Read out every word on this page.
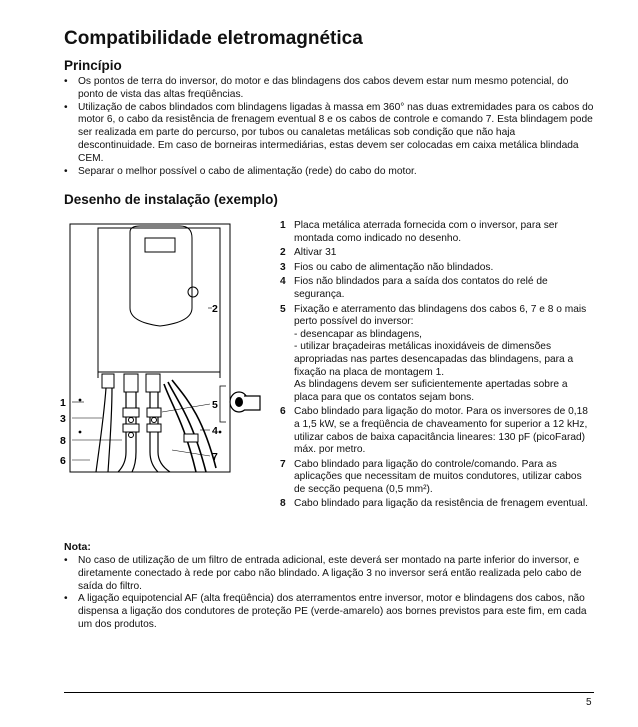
Compatibilidade eletromagnética
Princípio
• Os pontos de terra do inversor, do motor e das blindagens dos cabos devem estar num mesmo potencial, do ponto de vista das altas freqüências.
• Utilização de cabos blindados com blindagens ligadas à massa em 360° nas duas extremidades para os cabos do motor 6, o cabo da resistência de frenagem eventual 8 e os cabos de controle e comando 7. Esta blindagem pode ser realizada em parte do percurso, por tubos ou canaletas metálicas sob condição que não haja descontinuidade. Em caso de borneiras intermediárias, estas devem ser colocadas em caixa metálica blindada CEM.
• Separar o melhor possível o cabo de alimentação (rede) do cabo do motor.
Desenho de instalação (exemplo)
1
3
8
6
2
5
4
7
1 Placa metálica aterrada fornecida com o inversor, para ser montada como indicado no desenho.
2 Altivar 31
3 Fios ou cabo de alimentação não blindados.
4 Fios não blindados para a saída dos contatos do relé de segurança.
5 Fixação e aterramento das blindagens dos cabos 6, 7 e 8 o mais perto possível do inversor:
- desencapar as blindagens,
- utilizar braçadeiras metálicas inoxidáveis de dimensões apropriadas nas partes desencapadas das blindagens, para a fixação na placa de montagem 1.
As blindagens devem ser suficientemente apertadas sobre a placa para que os contatos sejam bons.
6 Cabo blindado para ligação do motor. Para os inversores de 0,18 a 1,5 kW, se a freqüência de chaveamento for superior a 12 kHz, utilizar cabos de baixa capacitância lineares: 130 pF (picoFarad) máx. por metro.
7 Cabo blindado para ligação do controle/comando. Para as aplicações que necessitam de muitos condutores, utilizar cabos de secção pequena (0,5 mm²).
8 Cabo blindado para ligação da resistência de frenagem eventual.
Nota:
• No caso de utilização de um filtro de entrada adicional, este deverá ser montado na parte inferior do inversor, e diretamente conectado à rede por cabo não blindado. A ligação 3 no inversor será então realizada pelo cabo de saída do filtro.
• A ligação equipotencial AF (alta freqüência) dos aterramentos entre inversor, motor e blindagens dos cabos, não dispensa a ligação dos condutores de proteção PE (verde-amarelo) aos bornes previstos para este fim, em cada um dos produtos.
5
